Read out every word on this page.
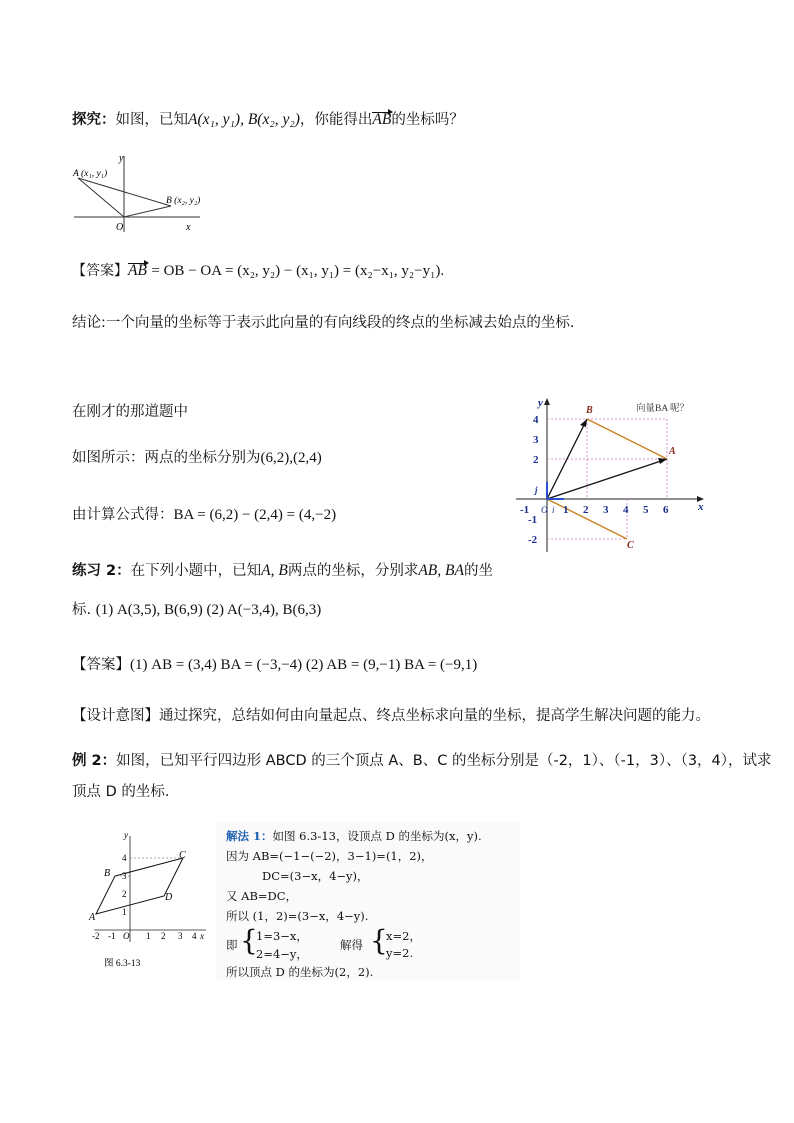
探究：如图，已知A(x₁, y₁), B(x₂, y₂)，你能得出AB的坐标吗？
y
x
O
A (x₁, y₁)
B (x₂, y₂)
【答案】AB = OB − OA = (x₂, y₂) − (x₁, y₁) = (x₂−x₁, y₂−y₁).
结论:一个向量的坐标等于表示此向量的有向线段的终点的坐标减去始点的坐标.
在刚才的那道题中
如图所示：两点的坐标分别为(6,2),(2,4)
由计算公式得：BA = (6,2) − (2,4) = (4,−2)
y
x
B
A
C
向量BA 呢？
i
j
O
-1	1 2 3 4 5 6
4
3
2
-1
-2
练习 2：在下列小题中，已知A, B两点的坐标，分别求AB, BA的坐
标. (1) A(3,5), B(6,9) (2) A(−3,4), B(6,3)
【答案】(1) AB = (3,4) BA = (−3,−4) (2) AB = (9,−1) BA = (−9,1)
【设计意图】通过探究，总结如何由向量起点、终点坐标求向量的坐标，提高学生解决问题的能力。
例 2：如图，已知平行四边形 ABCD 的三个顶点 A、B、C 的坐标分别是（-2，1）、（-1，3）、（3，4），试求
顶点 D 的坐标.
A
B
C
D
O	x
y
-2 -1	1 2 3 4
4
3
2
1
图 6.3-13
解法 1：如图 6.3-13，设顶点 D 的坐标为(x，y).
因为 AB=(−1−(−2)，3−1)=(1，2)，
DC=(3−x，4−y)，
又 AB=DC，
所以 (1，2)=(3−x，4−y).
即 {
1=3−x，
2=4−y，
解得 {
x=2，
y=2.
所以顶点 D 的坐标为(2，2).
